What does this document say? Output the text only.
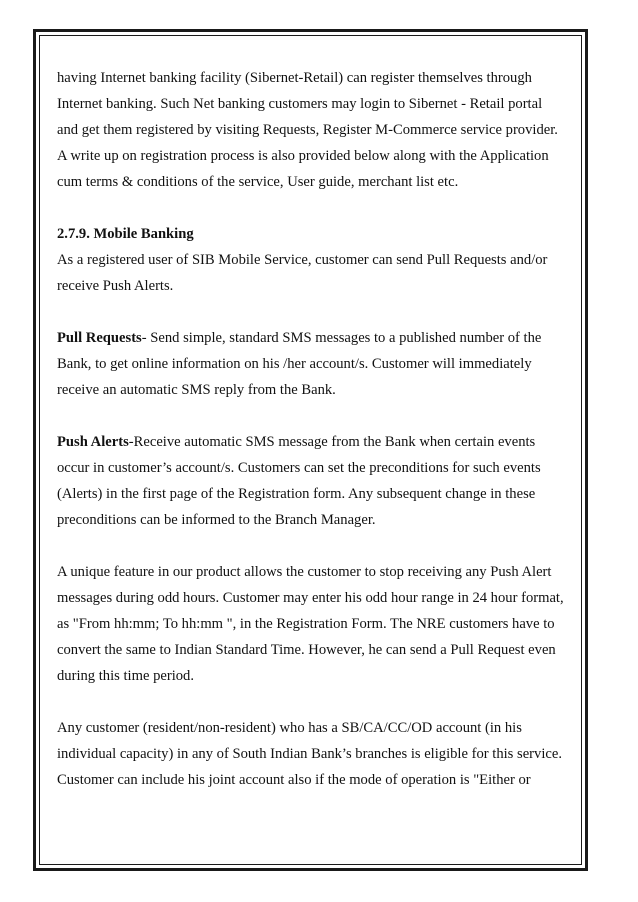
having Internet banking facility (Sibernet-Retail) can register themselves through
Internet banking. Such Net banking customers may login to Sibernet - Retail portal
and get them registered by visiting Requests, Register M-Commerce service provider.
A write up on registration process is also provided below along with the Application
cum terms & conditions of the service, User guide, merchant list etc.
2.7.9. Mobile Banking
As a registered user of SIB Mobile Service, customer can send Pull Requests and/or
receive Push Alerts.
Pull Requests- Send simple, standard SMS messages to a published number of the
Bank, to get online information on his /her account/s. Customer will immediately
receive an automatic SMS reply from the Bank.
Push Alerts-Receive automatic SMS message from the Bank when certain events
occur in customer’s account/s. Customers can set the preconditions for such events
(Alerts) in the first page of the Registration form. Any subsequent change in these
preconditions can be informed to the Branch Manager.
A unique feature in our product allows the customer to stop receiving any Push Alert
messages during odd hours. Customer may enter his odd hour range in 24 hour format,
as "From hh:mm; To hh:mm ", in the Registration Form. The NRE customers have to
convert the same to Indian Standard Time. However, he can send a Pull Request even
during this time period.
Any customer (resident/non-resident) who has a SB/CA/CC/OD account (in his
individual capacity) in any of South Indian Bank’s branches is eligible for this service.
Customer can include his joint account also if the mode of operation is "Either or
